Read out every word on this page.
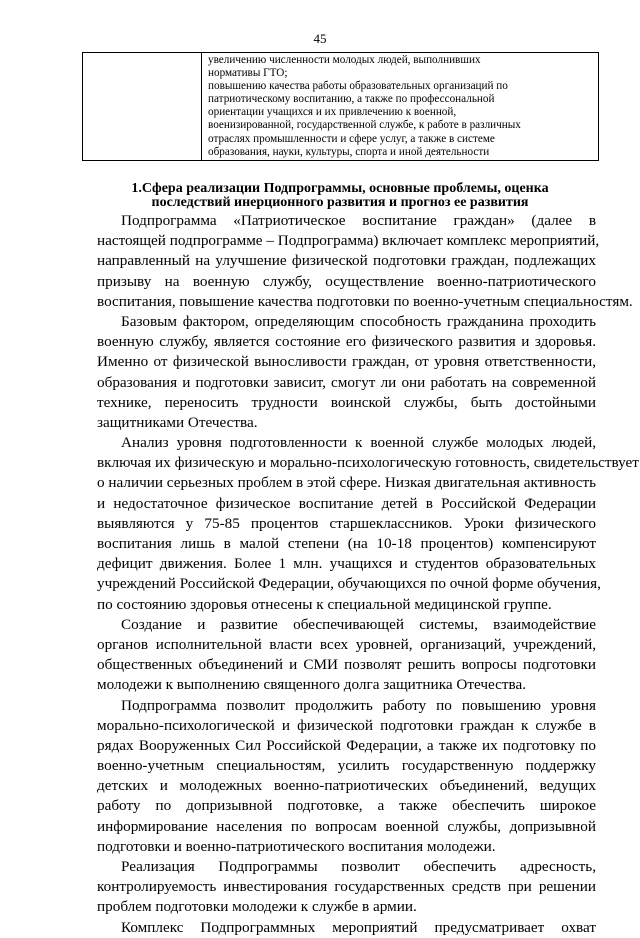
45

увеличению численности молодых людей, выполнивших
нормативы ГТО;
повышению качества работы образовательных организаций по
патриотическому воспитанию, а также по профессональной
ориентации учащихся и их привлечению к военной,
военизированной, государственной службе, к работе в различных
отраслях промышленности и сфере услуг, а также в системе
образования, науки, культуры, спорта и иной деятельности
1.Сфера реализации Подпрограммы, основные проблемы, оценка
последствий инерционного развития и прогноз ее развития
Подпрограмма «Патриотическое воспитание граждан» (далее в
настоящей подпрограмме – Подпрограмма) включает комплекс мероприятий,
направленный на улучшение физической подготовки граждан, подлежащих
призыву на военную службу, осуществление военно-патриотического
воспитания, повышение качества подготовки по военно-учетным специальностям.
Базовым фактором, определяющим способность гражданина проходить
военную службу, является состояние его физического развития и здоровья.
Именно от физической выносливости граждан, от уровня ответственности,
образования и подготовки зависит, смогут ли они работать на современной
технике, переносить трудности воинской службы, быть достойными
защитниками Отечества.
Анализ уровня подготовленности к военной службе молодых людей,
включая их физическую и морально-психологическую готовность, свидетельствует
о наличии серьезных проблем в этой сфере. Низкая двигательная активность
и недостаточное физическое воспитание детей в Российской Федерации
выявляются у 75-85 процентов старшеклассников. Уроки физического
воспитания лишь в малой степени (на 10-18 процентов) компенсируют
дефицит движения. Более 1 млн. учащихся и студентов образовательных
учреждений Российской Федерации, обучающихся по очной форме обучения,
по состоянию здоровья отнесены к специальной медицинской группе.
Создание и развитие обеспечивающей системы, взаимодействие
органов исполнительной власти всех уровней, организаций, учреждений,
общественных объединений и СМИ позволят решить вопросы подготовки
молодежи к выполнению священного долга защитника Отечества.
Подпрограмма позволит продолжить работу по повышению уровня
морально-психологической и физической подготовки граждан к службе в
рядах Вооруженных Сил Российской Федерации, а также их подготовку по
военно-учетным специальностям, усилить государственную поддержку
детских и молодежных военно-патриотических объединений, ведущих
работу по допризывной подготовке, а также обеспечить широкое
информирование населения по вопросам военной службы, допризывной
подготовки и военно-патриотического воспитания молодежи.
Реализация Подпрограммы позволит обеспечить адресность,
контролируемость инвестирования государственных средств при решении
проблем подготовки молодежи к службе в армии.
Комплекс Подпрограммных мероприятий предусматривает охват
